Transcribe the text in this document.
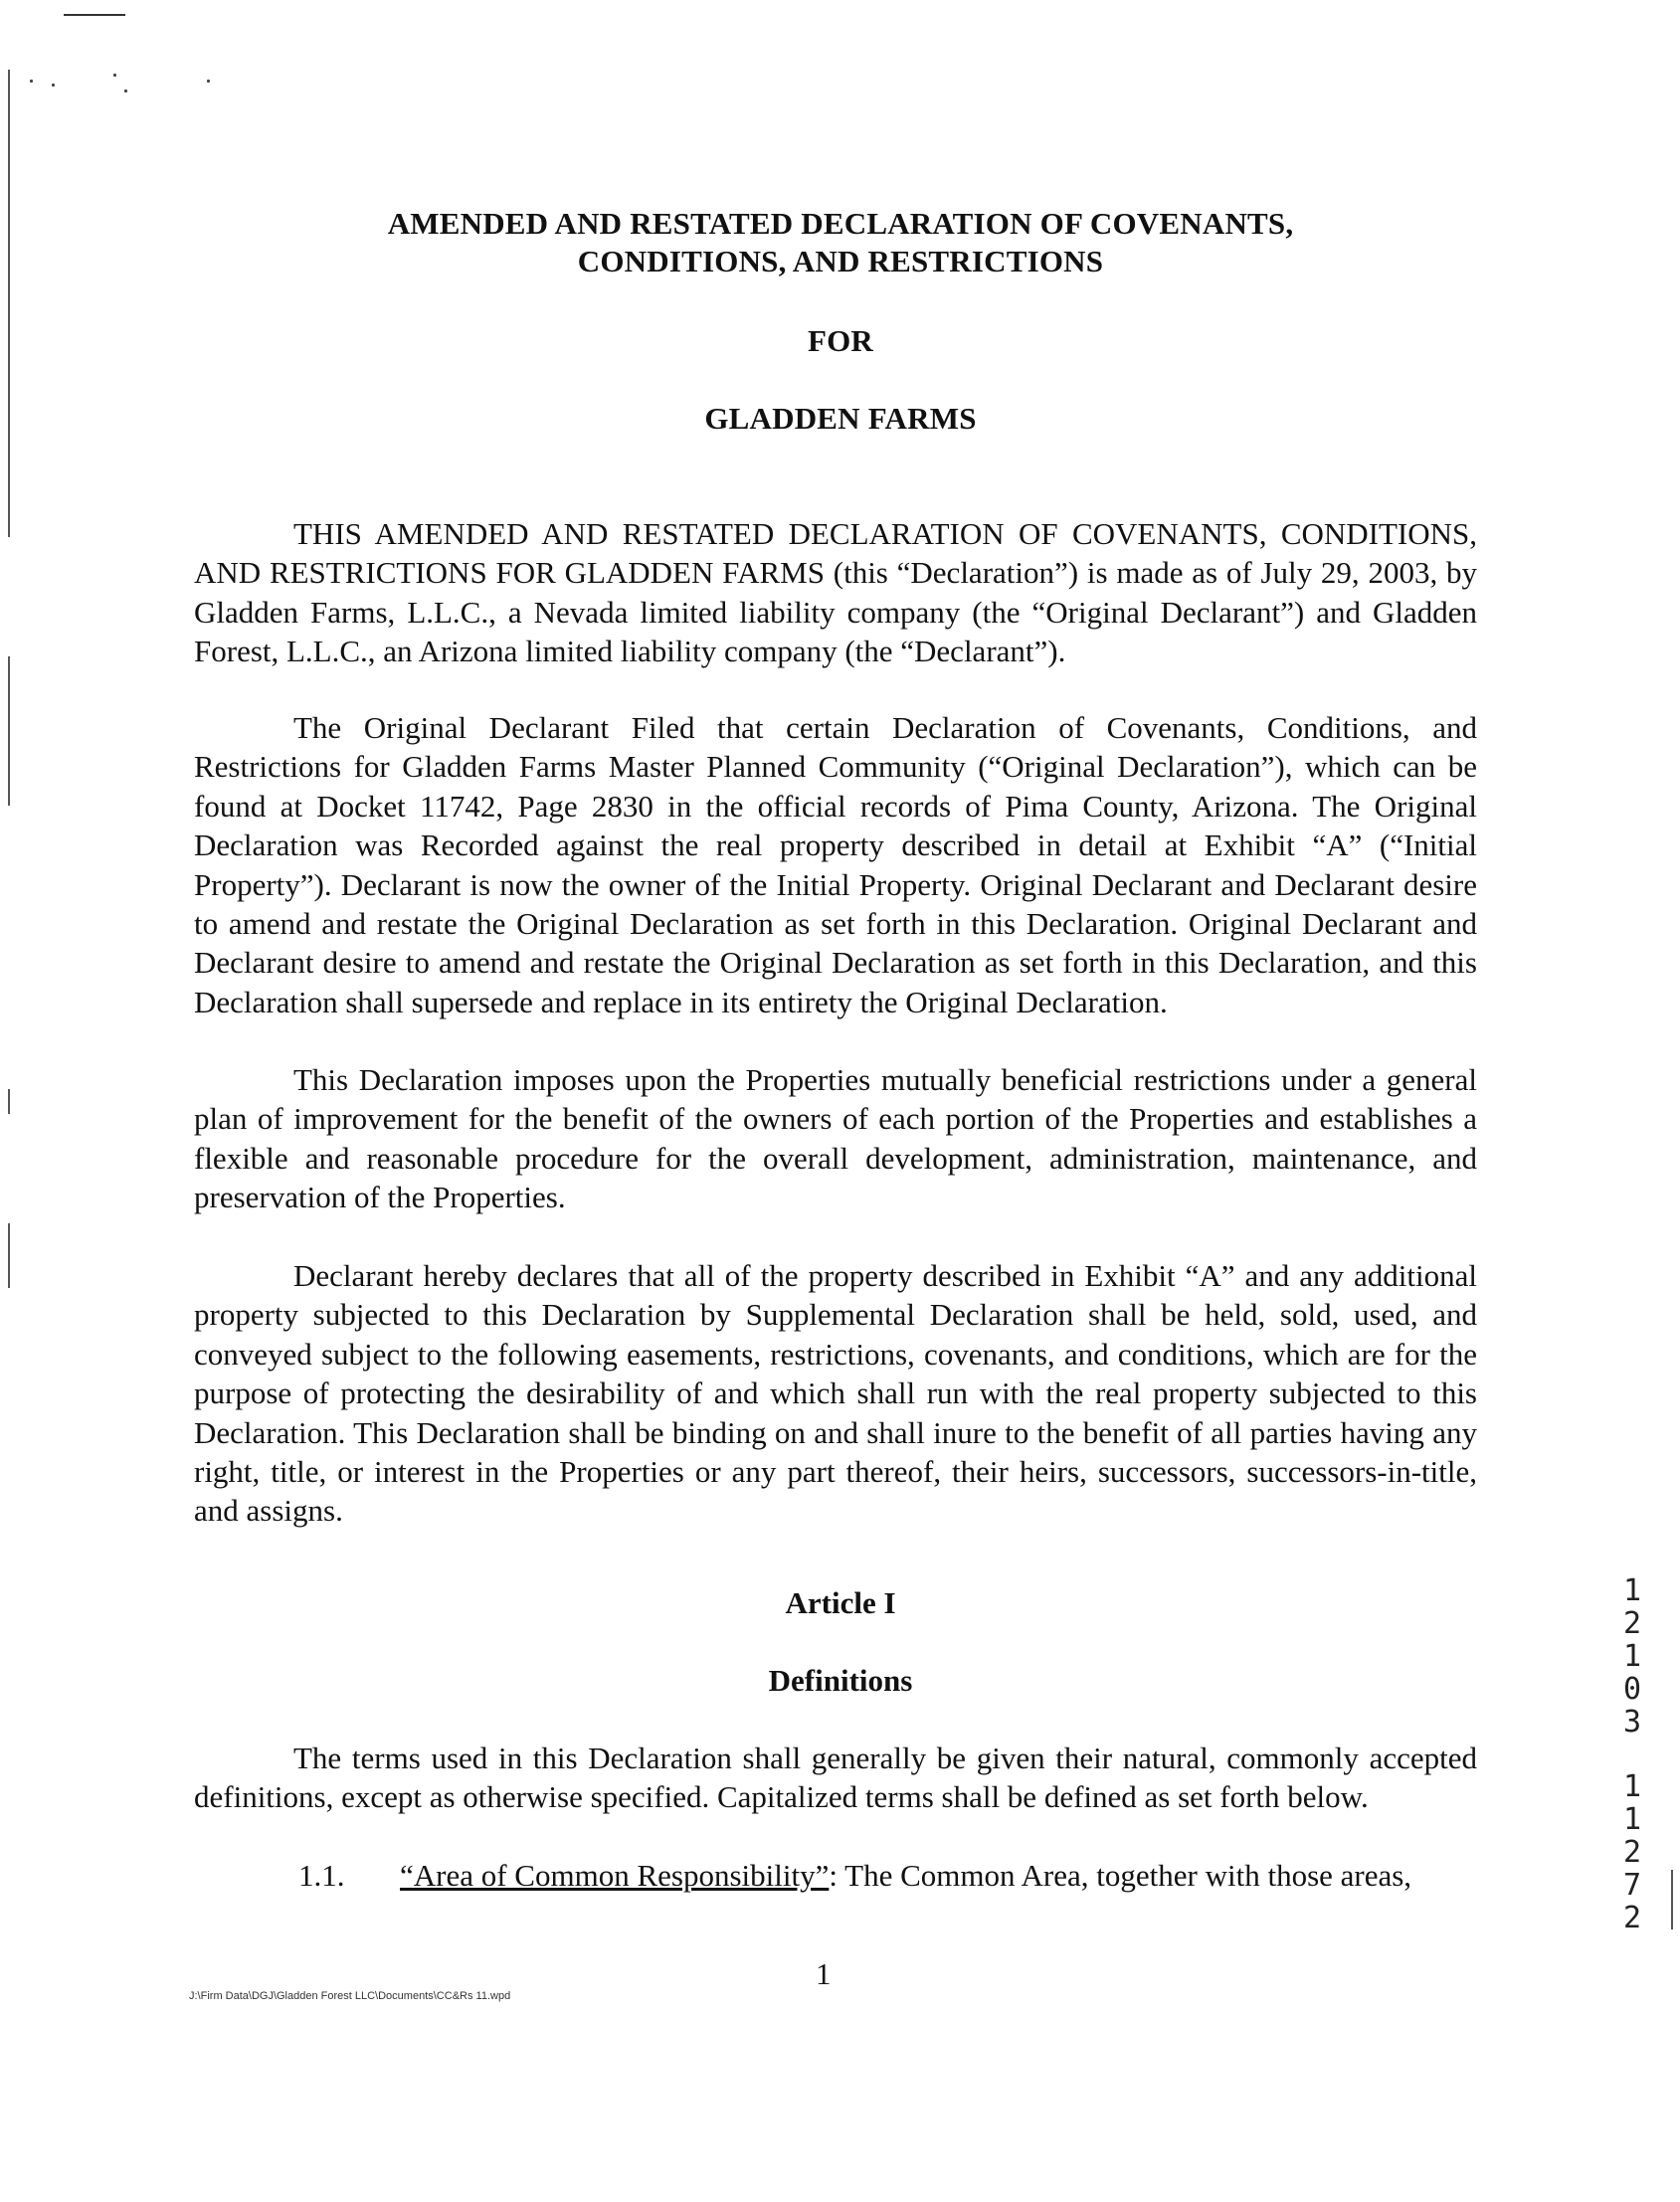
AMENDED AND RESTATED DECLARATION OF COVENANTS,
CONDITIONS, AND RESTRICTIONS
FOR
GLADDEN FARMS

THIS AMENDED AND RESTATED DECLARATION OF COVENANTS, CONDITIONS, AND RESTRICTIONS FOR GLADDEN FARMS (this “Declaration”) is made as of July 29, 2003, by Gladden Farms, L.L.C., a Nevada limited liability company (the “Original Declarant”) and Gladden Forest, L.L.C., an Arizona limited liability company (the “Declarant”).

The Original Declarant Filed that certain Declaration of Covenants, Conditions, and Restrictions for Gladden Farms Master Planned Community (“Original Declaration”), which can be found at Docket 11742, Page 2830 in the official records of Pima County, Arizona. The Original Declaration was Recorded against the real property described in detail at Exhibit “A” (“Initial Property”). Declarant is now the owner of the Initial Property. Original Declarant and Declarant desire to amend and restate the Original Declaration as set forth in this Declaration. Original Declarant and Declarant desire to amend and restate the Original Declaration as set forth in this Declaration, and this Declaration shall supersede and replace in its entirety the Original Declaration.

This Declaration imposes upon the Properties mutually beneficial restrictions under a general plan of improvement for the benefit of the owners of each portion of the Properties and establishes a flexible and reasonable procedure for the overall development, administration, maintenance, and preservation of the Properties.

Declarant hereby declares that all of the property described in Exhibit “A” and any additional property subjected to this Declaration by Supplemental Declaration shall be held, sold, used, and conveyed subject to the following easements, restrictions, covenants, and conditions, which are for the purpose of protecting the desirability of and which shall run with the real property subjected to this Declaration. This Declaration shall be binding on and shall inure to the benefit of all parties having any right, title, or interest in the Properties or any part thereof, their heirs, successors, successors-in-title, and assigns.

Article I
Definitions

The terms used in this Declaration shall generally be given their natural, commonly accepted definitions, except as otherwise specified. Capitalized terms shall be defined as set forth below.

1.1. “Area of Common Responsibility”: The Common Area, together with those areas,
1
J:\Firm Data\DGJ\Gladden Forest LLC\Documents\CC&Rs 11.wpd
1
2
1
0
3
1
1
2
7
2
